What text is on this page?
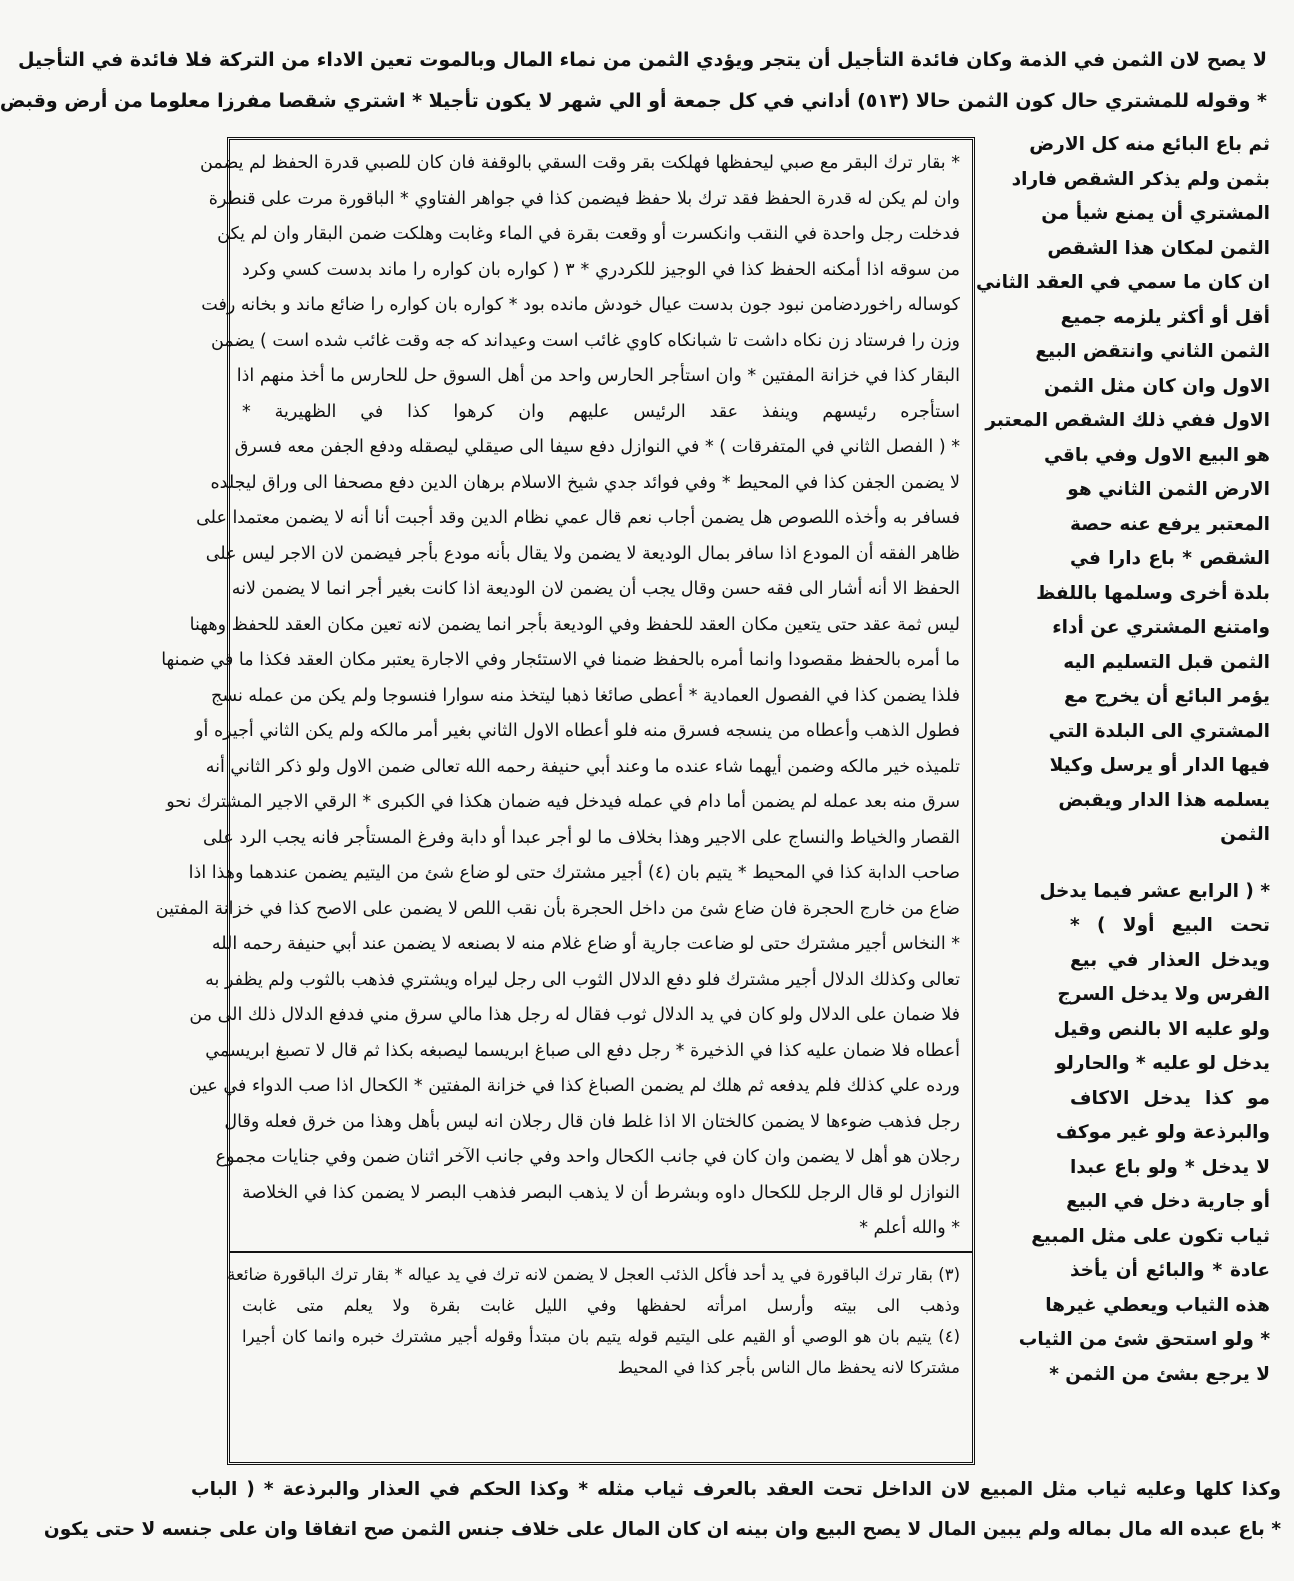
لا يصح لان الثمن في الذمة وكان فائدة التأجيل أن يتجر ويؤدي الثمن من نماء المال وبالموت تعين الاداء من التركة فلا فائدة في التأجيل
* وقوله للمشتري حال كون الثمن حالا (٥١٣) أداني في كل جمعة أو الي شهر لا يكون تأجيلا * اشتري شقصا مفرزا معلوما من أرض وقبض
ثم باع البائع منه كل الارض
بثمن ولم يذكر الشقص فاراد
المشتري أن يمنع شيأ من
الثمن لمكان هذا الشقص
ان كان ما سمي في العقد الثاني
أقل أو أكثر يلزمه جميع
الثمن الثاني وانتقض البيع
الاول وان كان مثل الثمن
الاول ففي ذلك الشقص المعتبر
هو البيع الاول وفي باقي
الارض الثمن الثاني هو
المعتبر يرفع عنه حصة
الشقص * باع دارا في
بلدة أخرى وسلمها باللفظ
وامتنع المشتري عن أداء
الثمن قبل التسليم اليه
يؤمر البائع أن يخرج مع
المشتري الى البلدة التي
فيها الدار أو يرسل وكيلا
يسلمه هذا الدار ويقبض
الثمن
* ( الرابع عشر فيما يدخل
تحت البيع أولا ) *
ويدخل العذار في بيع
الفرس ولا يدخل السرج
ولو عليه الا بالنص وقيل
يدخل لو عليه * والحارلو
مو كذا يدخل الاكاف
والبرذعة ولو غير موكف
لا يدخل * ولو باع عبدا
أو جارية دخل في البيع
ثياب تكون على مثل المبيع
عادة * والبائع أن يأخذ
هذه الثياب ويعطي غيرها
* ولو استحق شئ من الثياب
لا يرجع بشئ من الثمن *
* بقار ترك البقر مع صبي ليحفظها فهلكت بقر وقت السقي بالوقفة فان كان للصبي قدرة الحفظ لم يضمن
وان لم يكن له قدرة الحفظ فقد ترك بلا حفظ فيضمن كذا في جواهر الفتاوي * الباقورة مرت على قنطرة
فدخلت رجل واحدة في النقب وانكسرت أو وقعت بقرة في الماء وغابت وهلكت ضمن البقار وان لم يكن
من سوقه اذا أمكنه الحفظ كذا في الوجيز للكردري * ٣ ( كواره بان كواره را ماند بدست كسي وكرد
كوساله راخوردضامن نبود جون بدست عيال خودش مانده بود * كواره بان كواره را ضائع ماند و بخانه رفت
وزن را فرستاد زن نكاه داشت تا شبانكاه كاوي غائب است وعيداند كه جه وقت غائب شده است ) يضمن
البقار كذا في خزانة المفتين * وان استأجر الحارس واحد من أهل السوق حل للحارس ما أخذ منهم اذا
استأجره رئيسهم وينفذ عقد الرئيس عليهم وان كرهوا كذا في الظهيرية *
* ( الفصل الثاني في المتفرقات ) * في النوازل دفع سيفا الى صيقلي ليصقله ودفع الجفن معه فسرق
لا يضمن الجفن كذا في المحيط * وفي فوائد جدي شيخ الاسلام برهان الدين دفع مصحفا الى وراق ليجلده
فسافر به وأخذه اللصوص هل يضمن أجاب نعم قال عمي نظام الدين وقد أجبت أنا أنه لا يضمن معتمدا على
ظاهر الفقه أن المودع اذا سافر بمال الوديعة لا يضمن ولا يقال بأنه مودع بأجر فيضمن لان الاجر ليس على
الحفظ الا أنه أشار الى فقه حسن وقال يجب أن يضمن لان الوديعة اذا كانت بغير أجر انما لا يضمن لانه
ليس ثمة عقد حتى يتعين مكان العقد للحفظ وفي الوديعة بأجر انما يضمن لانه تعين مكان العقد للحفظ وههنا
ما أمره بالحفظ مقصودا وانما أمره بالحفظ ضمنا في الاستئجار وفي الاجارة يعتبر مكان العقد فكذا ما في ضمنها
فلذا يضمن كذا في الفصول العمادية * أعطى صائغا ذهبا ليتخذ منه سوارا فنسوجا ولم يكن من عمله نسج
فطول الذهب وأعطاه من ينسجه فسرق منه فلو أعطاه الاول الثاني بغير أمر مالكه ولم يكن الثاني أجيره أو
تلميذه خير مالكه وضمن أيهما شاء عنده ما وعند أبي حنيفة رحمه الله تعالى ضمن الاول ولو ذكر الثاني أنه
سرق منه بعد عمله لم يضمن أما دام في عمله فيدخل فيه ضمان هكذا في الكبرى * الرقي الاجير المشترك نحو
القصار والخياط والنساج على الاجير وهذا بخلاف ما لو أجر عبدا أو دابة وفرغ المستأجر فانه يجب الرد على
صاحب الدابة كذا في المحيط * يتيم بان (٤) أجير مشترك حتى لو ضاع شئ من اليتيم يضمن عندهما وهذا اذا
ضاع من خارج الحجرة فان ضاع شئ من داخل الحجرة بأن نقب اللص لا يضمن على الاصح كذا في خزانة المفتين
* النخاس أجير مشترك حتى لو ضاعت جارية أو ضاع غلام منه لا بصنعه لا يضمن عند أبي حنيفة رحمه الله
تعالى وكذلك الدلال أجير مشترك فلو دفع الدلال الثوب الى رجل ليراه ويشتري فذهب بالثوب ولم يظفر به
فلا ضمان على الدلال ولو كان في يد الدلال ثوب فقال له رجل هذا مالي سرق مني فدفع الدلال ذلك الى من
أعطاه فلا ضمان عليه كذا في الذخيرة * رجل دفع الى صباغ ابريسما ليصبغه بكذا ثم قال لا تصبغ ابريسمي
ورده علي كذلك فلم يدفعه ثم هلك لم يضمن الصباغ كذا في خزانة المفتين * الكحال اذا صب الدواء في عين
رجل فذهب ضوءها لا يضمن كالختان الا اذا غلط فان قال رجلان انه ليس بأهل وهذا من خرق فعله وقال
رجلان هو أهل لا يضمن وان كان في جانب الكحال واحد وفي جانب الآخر اثنان ضمن وفي جنايات مجموع
النوازل لو قال الرجل للكحال داوه وبشرط أن لا يذهب البصر فذهب البصر لا يضمن كذا في الخلاصة
* والله أعلم *
(٣) بقار ترك الباقورة في يد أحد فأكل الذئب العجل لا يضمن لانه ترك في يد عياله * بقار ترك الباقورة ضائعة
وذهب الى بيته وأرسل امرأته لحفظها وفي الليل غابت بقرة ولا يعلم متى غابت
(٤) يتيم بان هو الوصي أو القيم على اليتيم قوله يتيم بان مبتدأ وقوله أجير مشترك خبره وانما كان أجيرا
مشتركا لانه يحفظ مال الناس بأجر كذا في المحيط
وكذا كلها وعليه ثياب مثل المبيع لان الداخل تحت العقد بالعرف ثياب مثله * وكذا الحكم في العذار والبرذعة * ( الباب
* باع عبده اله مال بماله ولم يبين المال لا يصح البيع وان بينه ان كان المال على خلاف جنس الثمن صح اتفاقا وان على جنسه لا حتى يكون
